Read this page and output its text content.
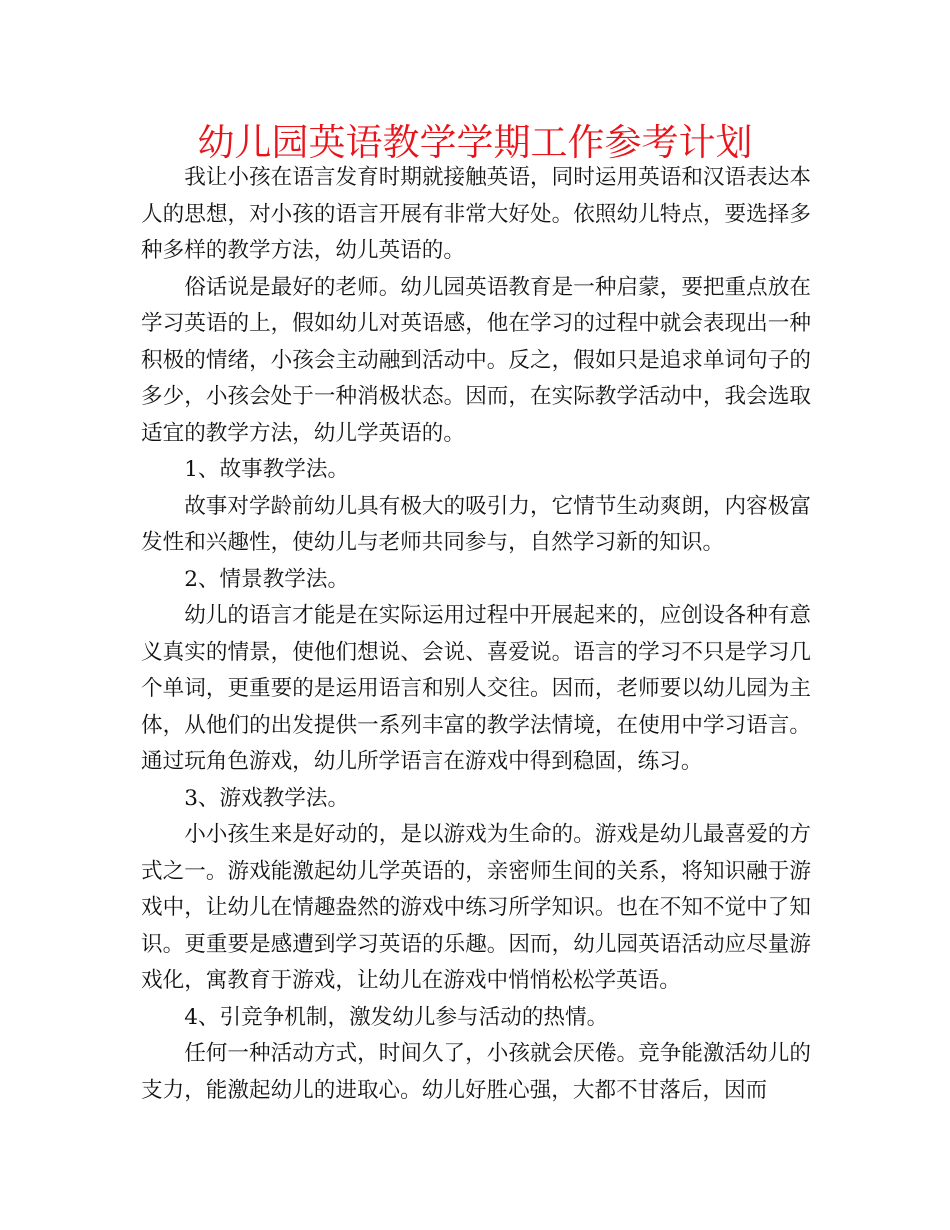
幼儿园英语教学学期工作参考计划

我让小孩在语言发育时期就接触英语，同时运用英语和汉语表达本人的思想，对小孩的语言开展有非常大好处。依照幼儿特点，要选择多种多样的教学方法，幼儿英语的。

俗话说是最好的老师。幼儿园英语教育是一种启蒙，要把重点放在学习英语的上，假如幼儿对英语感，他在学习的过程中就会表现出一种积极的情绪，小孩会主动融到活动中。反之，假如只是追求单词句子的多少，小孩会处于一种消极状态。因而，在实际教学活动中，我会选取适宜的教学方法，幼儿学英语的。

1、故事教学法。

故事对学龄前幼儿具有极大的吸引力，它情节生动爽朗，内容极富发性和兴趣性，使幼儿与老师共同参与，自然学习新的知识。

2、情景教学法。

幼儿的语言才能是在实际运用过程中开展起来的，应创设各种有意义真实的情景，使他们想说、会说、喜爱说。语言的学习不只是学习几个单词，更重要的是运用语言和别人交往。因而，老师要以幼儿园为主体，从他们的出发提供一系列丰富的教学法情境，在使用中学习语言。通过玩角色游戏，幼儿所学语言在游戏中得到稳固，练习。

3、游戏教学法。

小小孩生来是好动的，是以游戏为生命的。游戏是幼儿最喜爱的方式之一。游戏能激起幼儿学英语的，亲密师生间的关系，将知识融于游戏中，让幼儿在情趣盎然的游戏中练习所学知识。也在不知不觉中了知识。更重要是感遭到学习英语的乐趣。因而，幼儿园英语活动应尽量游戏化，寓教育于游戏，让幼儿在游戏中悄悄松松学英语。

4、引竞争机制，激发幼儿参与活动的热情。

任何一种活动方式，时间久了，小孩就会厌倦。竞争能激活幼儿的支力，能激起幼儿的进取心。幼儿好胜心强，大都不甘落后，因而
